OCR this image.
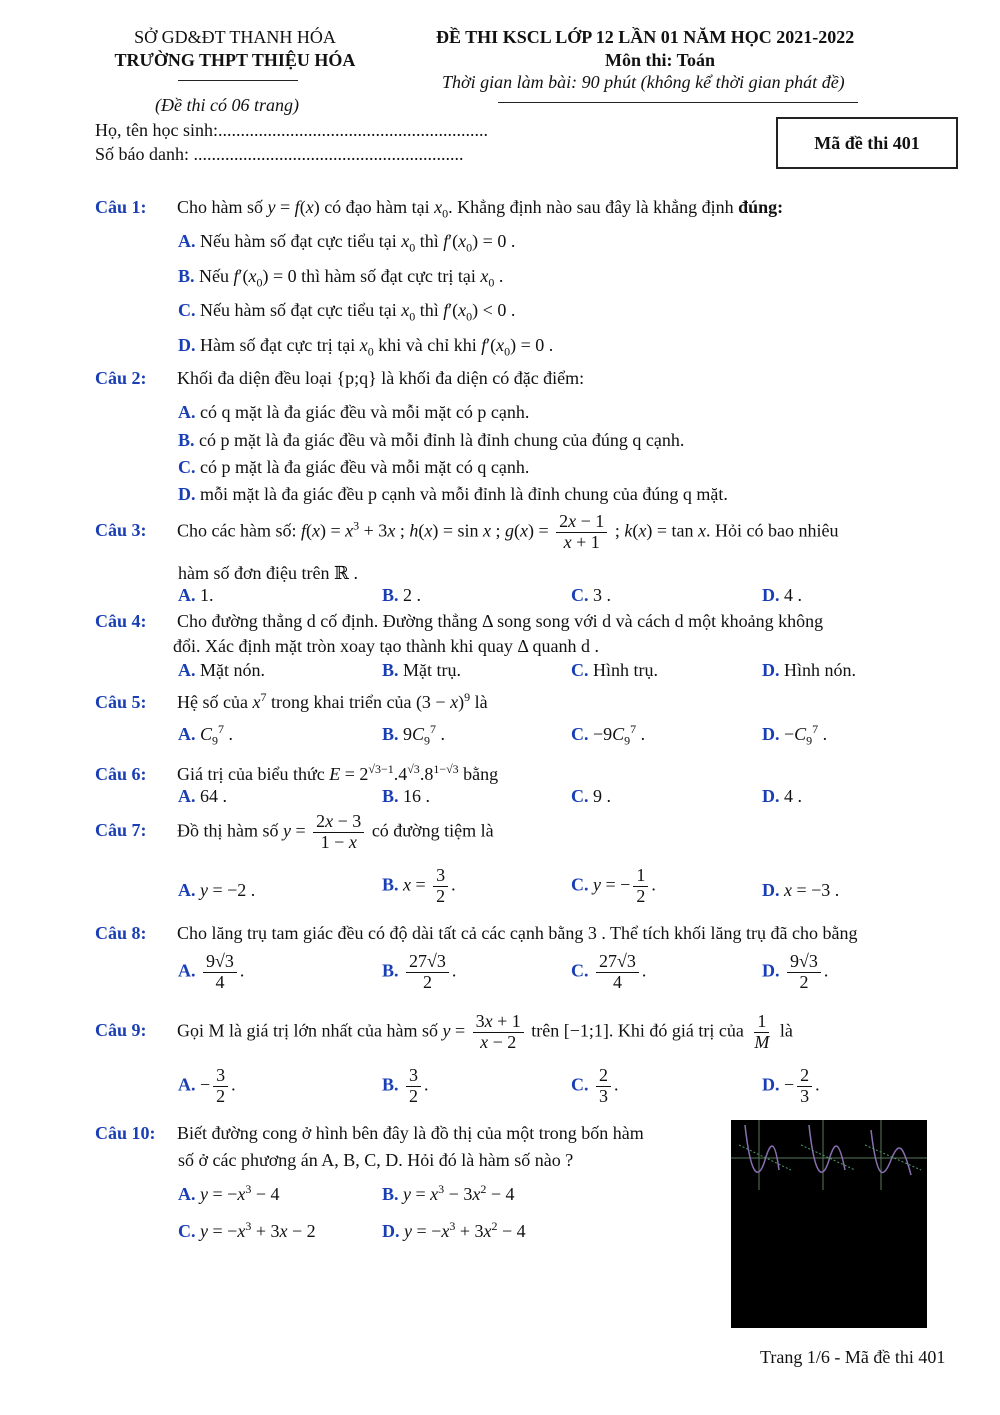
SỞ GD&ĐT THANH HÓA
TRƯỜNG THPT THIỆU HÓA
(Đề thi có 06 trang)
ĐỀ THI KSCL LỚP 12 LẦN 01 NĂM HỌC 2021-2022
Môn thi: Toán
Thời gian làm bài: 90 phút (không kể thời gian phát đề)
Họ, tên học sinh:............................................................
Số báo danh: ............................................................
Mã đề thi 401
Câu 1: Cho hàm số y = f(x) có đạo hàm tại $x_0$. Khẳng định nào sau đây là khẳng định đúng:
A. Nếu hàm số đạt cực tiểu tại $x_0$ thì $f'(x_0) = 0$ .
B. Nếu $f'(x_0) = 0$ thì hàm số đạt cực trị tại $x_0$ .
C. Nếu hàm số đạt cực tiểu tại $x_0$ thì $f'(x_0) < 0$ .
D. Hàm số đạt cực trị tại $x_0$ khi và chỉ khi $f'(x_0) = 0$ .
Câu 2: Khối đa diện đều loại {p;q} là khối đa diện có đặc điểm:
A. có q mặt là đa giác đều và mỗi mặt có p cạnh.
B. có p mặt là đa giác đều và mỗi đỉnh là đỉnh chung của đúng q cạnh.
C. có p mặt là đa giác đều và mỗi mặt có q cạnh.
D. mỗi mặt là đa giác đều p cạnh và mỗi đỉnh là đỉnh chung của đúng q mặt.
Câu 3: Cho các hàm số: $f(x) = x^3 + 3x$ ; h(x) = sin x ; $g(x) = \frac{2x - 1}{x + 1}$ ; k(x) = tan x. Hỏi có bao nhiêu
hàm số đơn điệu trên ℝ .
A. 1.	B. 2 .	C. 3 .	D. 4 .
Câu 4: Cho đường thẳng d cố định. Đường thẳng Δ song song với d và cách d một khoảng không
đổi. Xác định mặt tròn xoay tạo thành khi quay Δ quanh d .
A. Mặt nón.	B. Mặt trụ.	C. Hình trụ.	D. Hình nón.
Câu 5: Hệ số của $x^7$ trong khai triển của $(3 - x)^9$ là
A. $C_9^7$ .	B. $9C_9^7$ .	C. $-9C_9^7$ .	D. $-C_9^7$ .
Câu 6: Giá trị của biểu thức $E = 2^{√3-1}.4^{√3}.8^{1-√3}$ bằng
A. 64 .	B. 16 .	C. 9 .	D. 4 .
Câu 7: Đồ thị hàm số $y = \frac{2x - 3}{1 - x}$ có đường tiệm là
A. y = −2 .	B. $x = \frac{3}{2}$ .	C. y = − $\frac{1}{2}$ .	D. x = −3 .
Câu 8: Cho lăng trụ tam giác đều có độ dài tất cả các cạnh bằng 3 . Thể tích khối lăng trụ đã cho bằng
A. $\frac{9√3}{4}$ .	B. $\frac{27√3}{2}$ .	C. $\frac{27√3}{4}$ .	D. $\frac{9√3}{2}$ .
Câu 9: Gọi M là giá trị lớn nhất của hàm số $y = \frac{3x + 1}{x - 2}$ trên [−1;1]. Khi đó giá trị của $\frac{1}{M}$ là
A. − $\frac{3}{2}$ .	B. $\frac{3}{2}$ .	C. $\frac{2}{3}$ .	D. − $\frac{2}{3}$ .
Câu 10: Biết đường cong ở hình bên đây là đồ thị của một trong bốn hàm
số ở các phương án A, B, C, D. Hỏi đó là hàm số nào ?
A. $y = -x^3 - 4$	B. $y = x^3 - 3x^2 - 4$
C. $y = -x^3 + 3x - 2$	D. $y = -x^3 + 3x^2 - 4$
Trang 1/6 - Mã đề thi 401
